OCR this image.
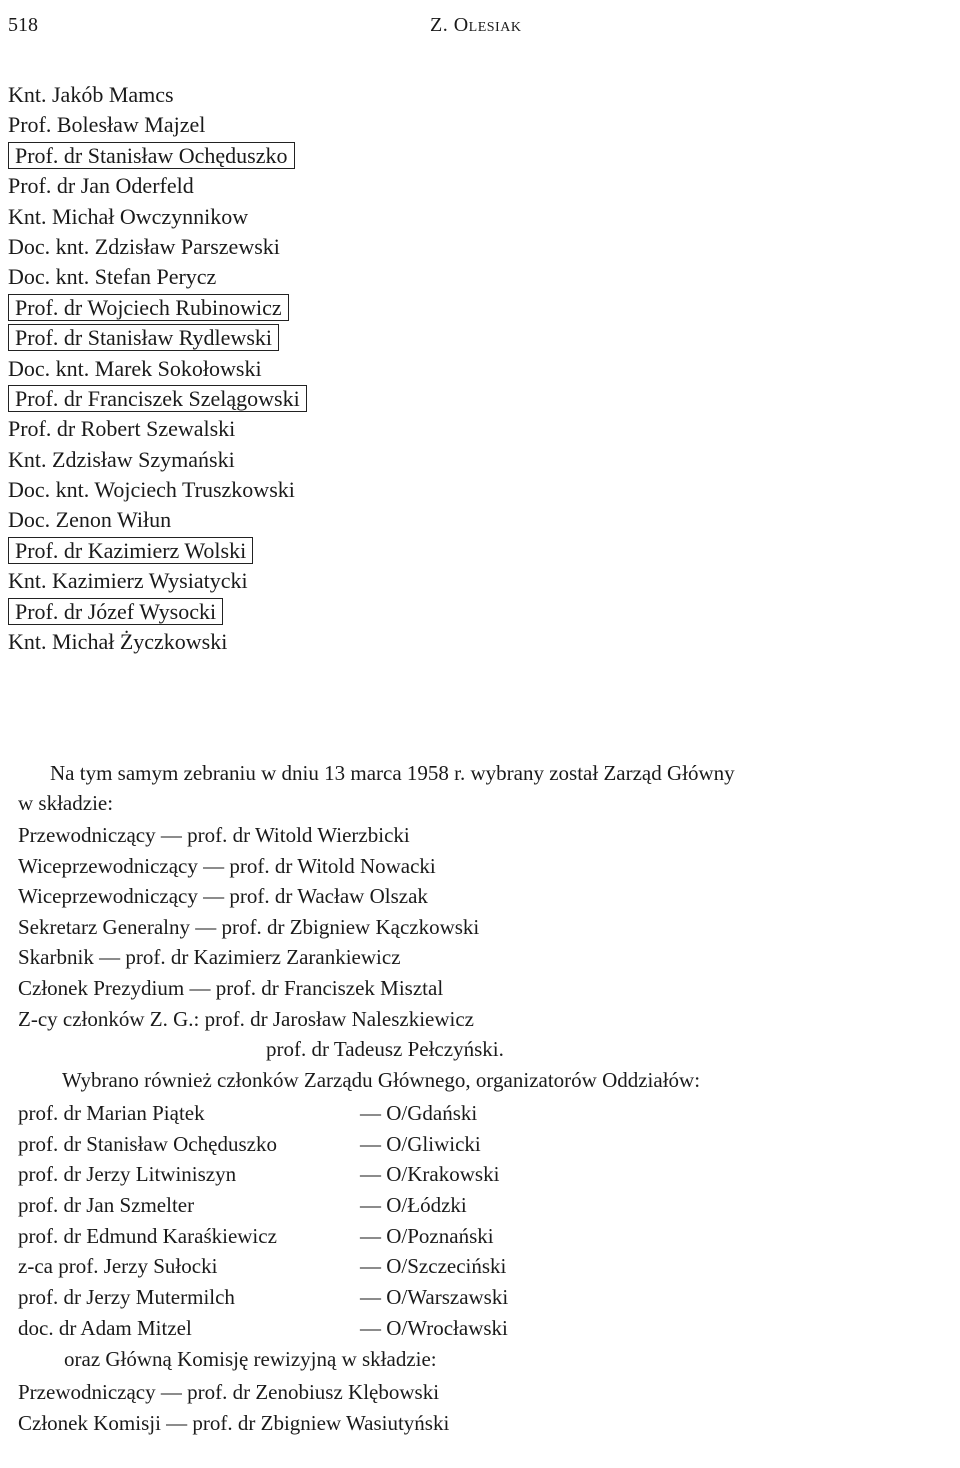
518	Z. Olesiak
Knt. Jakób Mamcs
Prof. Bolesław Majzel
Prof. dr Stanisław Ochęduszko
Prof. dr Jan Oderfeld
Knt. Michał Owczynnikow
Doc. knt. Zdzisław Parszewski
Doc. knt. Stefan Perycz
Prof. dr Wojciech Rubinowicz
Prof. dr Stanisław Rydlewski
Doc. knt. Marek Sokołowski
Prof. dr Franciszek Szelągowski
Prof. dr Robert Szewalski
Knt. Zdzisław Szymański
Doc. knt. Wojciech Truszkowski
Doc. Zenon Wiłun
Prof. dr Kazimierz Wolski
Knt. Kazimierz Wysiatycki
Prof. dr Józef Wysocki
Knt. Michał Życzkowski
Na tym samym zebraniu w dniu 13 marca 1958 r. wybrany został Zarząd Główny
w składzie:
Przewodniczący — prof. dr Witold Wierzbicki
Wiceprzewodniczący — prof. dr Witold Nowacki
Wiceprzewodniczący — prof. dr Wacław Olszak
Sekretarz Generalny — prof. dr Zbigniew Kączkowski
Skarbnik — prof. dr Kazimierz Zarankiewicz
Członek Prezydium — prof. dr Franciszek Misztal
Z-cy członków Z. G.: prof. dr Jarosław Naleszkiewicz
prof. dr Tadeusz Pełczyński.
Wybrano również członków Zarządu Głównego, organizatorów Oddziałów:
prof. dr Marian Piątek	— O/Gdański
prof. dr Stanisław Ochęduszko	— O/Gliwicki
prof. dr Jerzy Litwiniszyn	— O/Krakowski
prof. dr Jan Szmelter	— O/Łódzki
prof. dr Edmund Karaśkiewicz	— O/Poznański
z-ca prof. Jerzy Sułocki	— O/Szczeciński
prof. dr Jerzy Mutermilch	— O/Warszawski
doc. dr Adam Mitzel	— O/Wrocławski
oraz Główną Komisję rewizyjną w składzie:
Przewodniczący — prof. dr Zenobiusz Klębowski
Członek Komisji — prof. dr Zbigniew Wasiutyński
